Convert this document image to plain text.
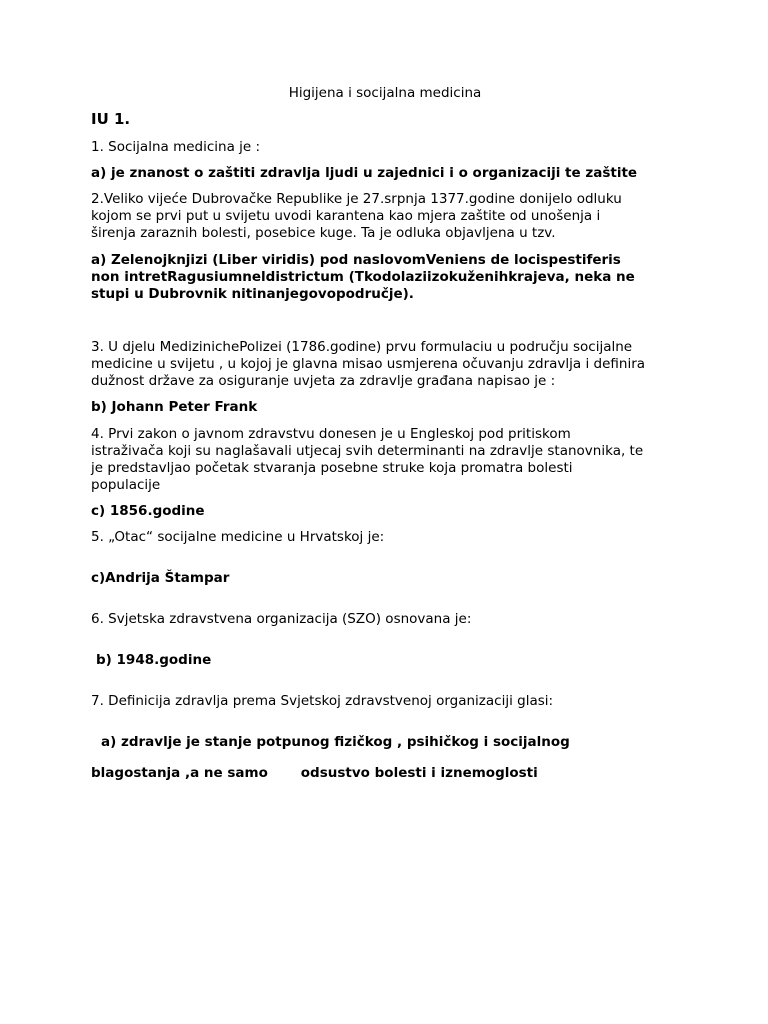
Higijena i socijalna medicina

IU 1.

1. Socijalna medicina je :

a) je znanost o zaštiti zdravlja ljudi u zajednici i o organizaciji te zaštite

2.Veliko vijeće Dubrovačke Republike je 27.srpnja 1377.godine donijelo odluku
kojom se prvi put u svijetu uvodi karantena kao mjera zaštite od unošenja i
širenja zaraznih bolesti, posebice kuge. Ta je odluka objavljena u tzv.

a) Zelenojknjizi (Liber viridis) pod naslovomVeniens de locispestiferis
non intretRagusiumneldistrictum (Tkodolaziizokuženihkrajeva, neka ne
stupi u Dubrovnik nitinanjegovopodručje).

3. U djelu MedizinichePolizei (1786.godine) prvu formulaciu u području socijalne
medicine u svijetu , u kojoj je glavna misao usmjerena očuvanju zdravlja i definira
dužnost države za osiguranje uvjeta za zdravlje građana napisao je :

b) Johann Peter Frank

4. Prvi zakon o javnom zdravstvu donesen je u Engleskoj pod pritiskom
istraživača koji su naglašavali utjecaj svih determinanti na zdravlje stanovnika, te
je predstavljao početak stvaranja posebne struke koja promatra bolesti
populacije

c) 1856.godine

5. „Otac“ socijalne medicine u Hrvatskoj je:

c)Andrija Štampar

6. Svjetska zdravstvena organizacija (SZO) osnovana je:

b) 1948.godine

7. Definicija zdravlja prema Svjetskoj zdravstvenoj organizaciji glasi:

a) zdravlje je stanje potpunog fizičkog , psihičkog i socijalnog

blagostanja ,a ne samo       odsustvo bolesti i iznemoglosti
